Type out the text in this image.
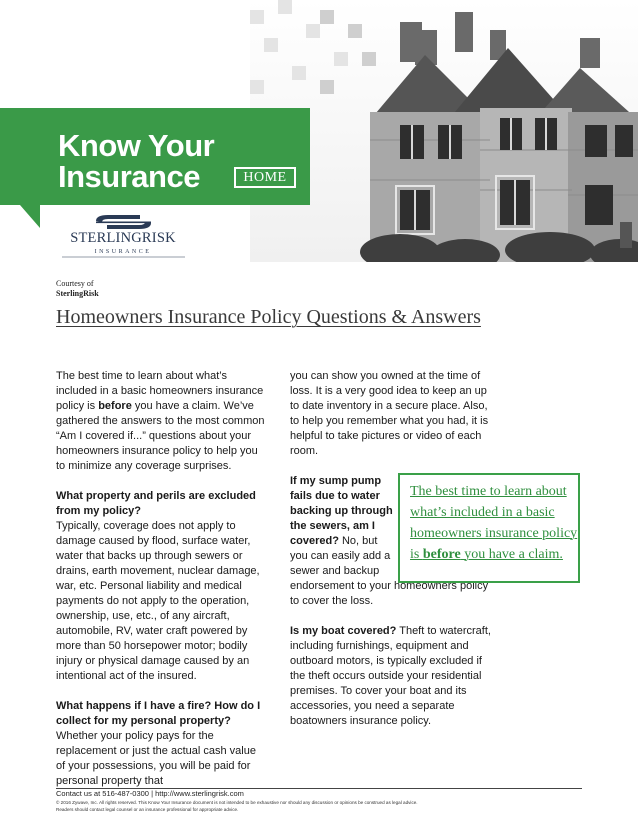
Know Your
Insurance	HOME
STERLINGRISK
INSURANCE
Courtesy of
SterlingRisk
Homeowners Insurance Policy Questions & Answers

The best time to learn about what’s included in a basic homeowners insurance policy is before you have a claim. We’ve gathered the answers to the most common “Am I covered if...” questions about your homeowners insurance policy to help you to minimize any coverage surprises.

What property and perils are excluded from my policy?

Typically, coverage does not apply to damage caused by flood, surface water, water that backs up through sewers or drains, earth movement, nuclear damage, war, etc. Personal liability and medical payments do not apply to the operation, ownership, use, etc., of any aircraft, automobile, RV, water craft powered by more than 50 horsepower motor; bodily injury or physical damage caused by an intentional act of the insured.

What happens if I have a fire? How do I collect for my personal property? Whether your policy pays for the replacement or just the actual cash value of your possessions, you will be paid for personal property that

you can show you owned at the time of loss. It is a very good idea to keep an up to date inventory in a secure place. Also, to help you remember what you had, it is helpful to take pictures or video of each room.

If my sump pump fails due to water backing up through the sewers, am I covered? No, but you can easily add a sewer and backup endorsement to your homeowners policy to cover the loss.

Is my boat covered? Theft to watercraft, including furnishings, equipment and outboard motors, is typically excluded if the theft occurs outside your residential premises. To cover your boat and its accessories, you need a separate boatowners insurance policy.

The best time to learn about what’s included in a basic homeowners insurance policy is before you have a claim.
Contact us at 516-487-0300 | http://www.sterlingrisk.com
© 2016 Zywave, Inc. All rights reserved. This Know Your Insurance document is not intended to be exhaustive nor should any discussion or opinions be construed as legal advice.
Readers should contact legal counsel or an insurance professional for appropriate advice.
